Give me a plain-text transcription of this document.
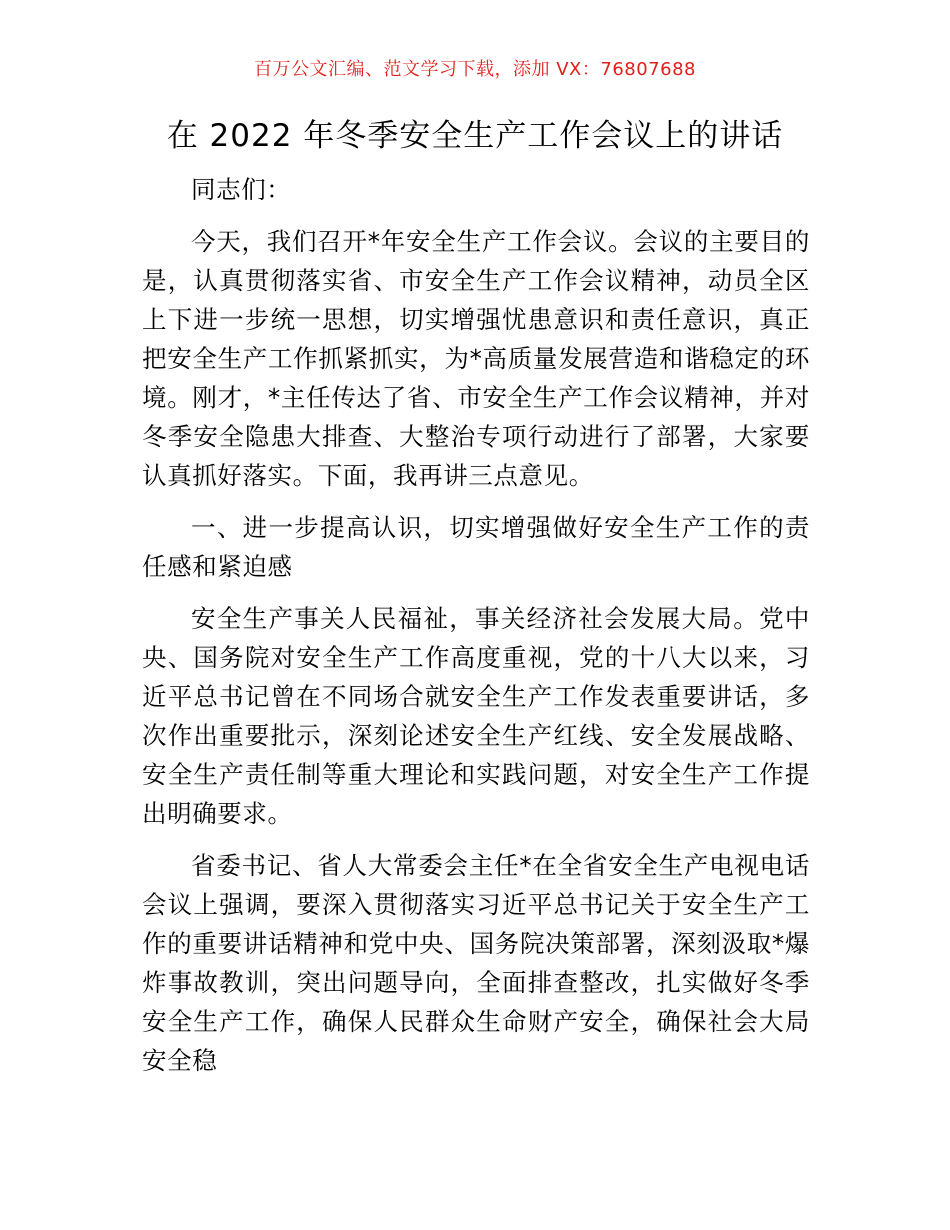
百万公文汇编、范文学习下载，添加 VX：76807688
在 2022 年冬季安全生产工作会议上的讲话

同志们：

今天，我们召开*年安全生产工作会议。会议的主要目的是，认真贯彻落实省、市安全生产工作会议精神，动员全区上下进一步统一思想，切实增强忧患意识和责任意识，真正把安全生产工作抓紧抓实，为*高质量发展营造和谐稳定的环境。刚才，*主任传达了省、市安全生产工作会议精神，并对冬季安全隐患大排查、大整治专项行动进行了部署，大家要认真抓好落实。下面，我再讲三点意见。

一、进一步提高认识，切实增强做好安全生产工作的责任感和紧迫感

安全生产事关人民福祉，事关经济社会发展大局。党中央、国务院对安全生产工作高度重视，党的十八大以来，习近平总书记曾在不同场合就安全生产工作发表重要讲话，多次作出重要批示，深刻论述安全生产红线、安全发展战略、安全生产责任制等重大理论和实践问题，对安全生产工作提出明确要求。

省委书记、省人大常委会主任*在全省安全生产电视电话会议上强调，要深入贯彻落实习近平总书记关于安全生产工作的重要讲话精神和党中央、国务院决策部署，深刻汲取*爆炸事故教训，突出问题导向，全面排查整改，扎实做好冬季安全生产工作，确保人民群众生命财产安全，确保社会大局安全稳
